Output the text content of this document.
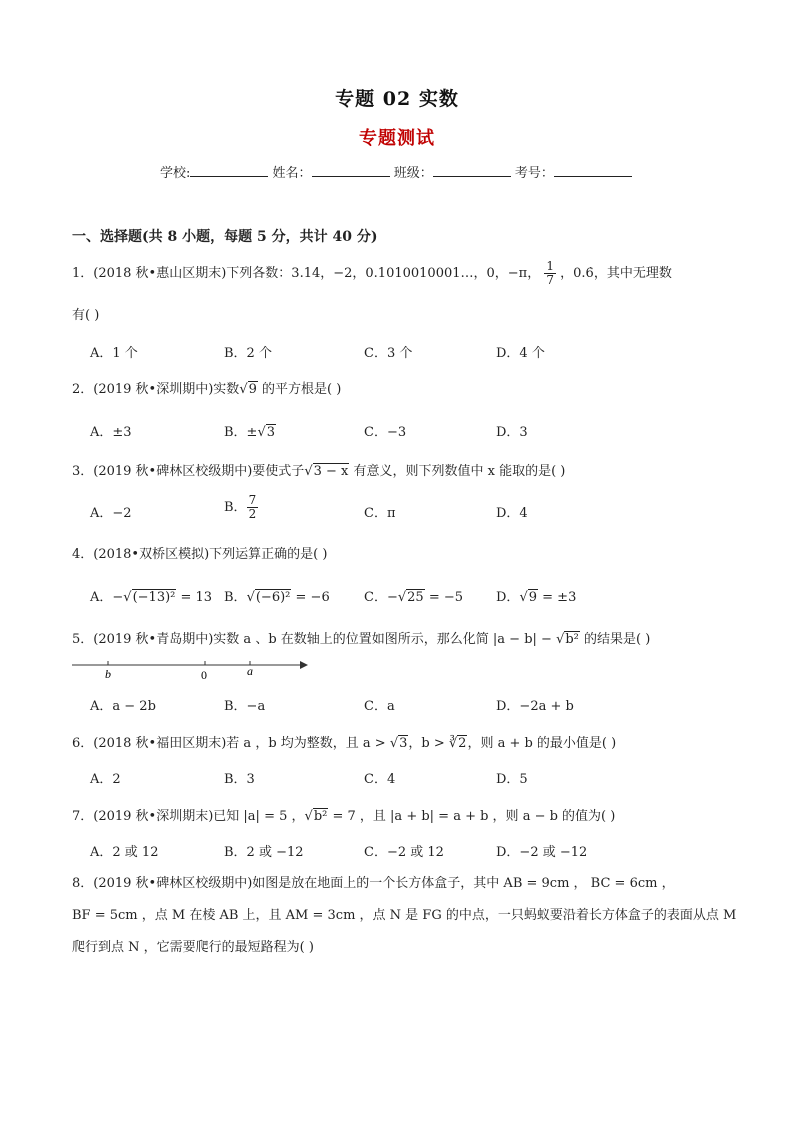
专题 02 实数
专题测试
学校:	姓名：	班级：	考号：
一、选择题(共 8 小题，每题 5 分，共计 40 分)
1．(2018 秋•惠山区期末)下列各数：3.14，−2，0.1010010001…，0，−π， $\frac{1}{7}$ ，0.6̇，其中无理数
有( )
A．1 个	B．2 个	C．3 个	D．4 个
2．(2019 秋•深圳期中)实数√9 的平方根是( )
A．±3	B．±√3	C．−3	D．3
3．(2019 秋•碑林区校级期中)要使式子√3 − x 有意义，则下列数值中 x 能取的是( )
A．−2	B． $\frac{7}{2}$	C．π	D．4
4．(2018•双桥区模拟)下列运算正确的是( )
A．−√(−13)² = 13 B．√(−6)² = −6	C．−√25 = −5	D．√9 = ±3
5．(2019 秋•青岛期中)实数 a 、b 在数轴上的位置如图所示，那么化简 |a − b| − √b² 的结果是( )
b	0	a
A．a − 2b	B．−a	C．a	D．−2a + b
6．(2018 秋•福田区期末)若 a ，b 均为整数，且 a > √3，b > ∛2，则 a + b 的最小值是( )
A．2	B．3	C．4	D．5
7．(2019 秋•深圳期末)已知 |a| = 5 ，√b² = 7 ，且 |a + b| = a + b ，则 a − b 的值为( )
A．2 或 12	B．2 或 −12	C．−2 或 12	D．−2 或 −12
8．(2019 秋•碑林区校级期中)如图是放在地面上的一个长方体盒子，其中 AB = 9cm ， BC = 6cm ，
BF = 5cm ，点 M 在棱 AB 上，且 AM = 3cm ，点 N 是 FG 的中点，一只蚂蚁要沿着长方体盒子的表面从点 M
爬行到点 N ，它需要爬行的最短路程为( )
